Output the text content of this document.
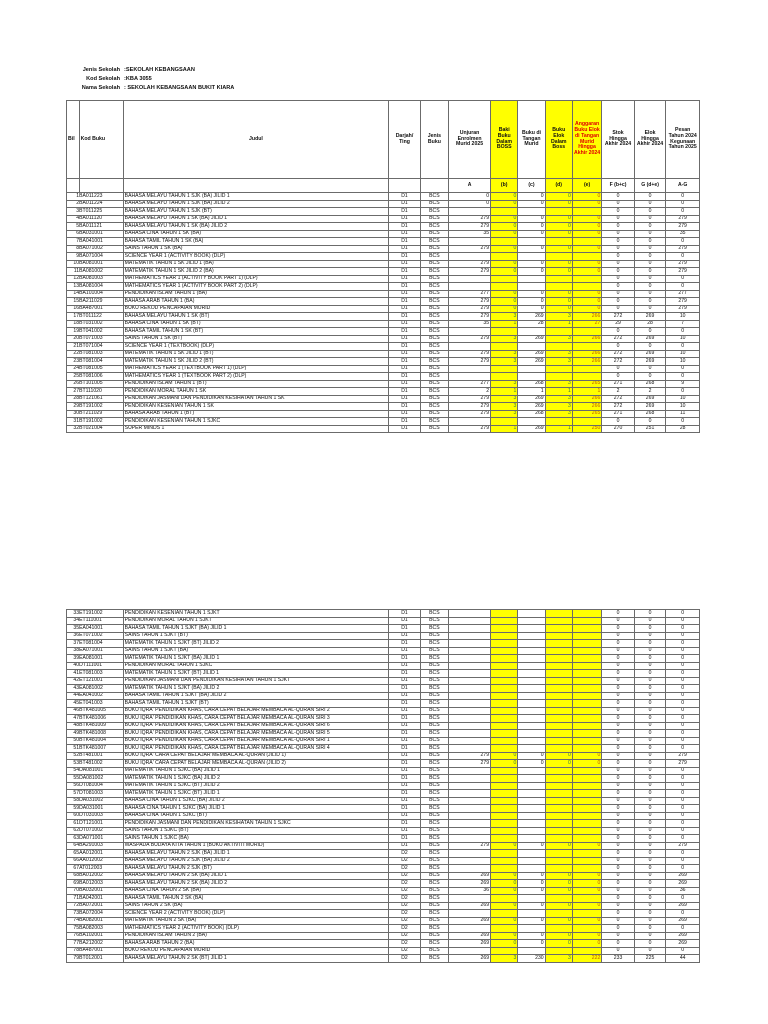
Jenis Sekolah :SEKOLAH KEBANGSAAN
Kod Sekolah :KBA 3055
Nama Sekolah : SEKOLAH KEBANGSAAN BUKIT KIARA
Bil	Kod Buku	Judul	Darjah/ Ting	Jenis Buku	Unjuran Enrolmen Murid 2025	Baki Buku Dalam BOSS	Buku di Tangan Murid	Buku Elok Dalam Boss	Anggaran Buku Elok di Tangan Murid Hingga Akhir 2024	Stok Hingga Akhir 2024	Elok Hingga Akhir 2024	Pesan Tahun 2024 Kegunaan Tahun 2025
					A	(b)	(c)	(d)	(e)	F (b+c)	G (d+e)	A-G
1	BA011223	BAHASA MELAYU TAHUN 1 SJK (BA) JILID 1	D1	BCS	0	0	0	0	0	0	0	0
2	BA011224	BAHASA MELAYU TAHUN 1 SJK (BA) JILID 2	D1	BCS	0	0	0	0	0	0	0	0
3	BT011225	BAHASA MELAYU TAHUN 1 SJK (BT)	D1	BCS						0	0	0
4	BA011120	BAHASA MELAYU TAHUN 1 SK (BA) JILID 1	D1	BCS	279	0	0	0	0	0	0	279
5	BA011121	BAHASA MELAYU TAHUN 1 SK (BA) JILID 2	D1	BCS	279	0	0	0	0	0	0	279
6	BA031001	BAHASA CINA TAHUN 1 SK (BA)	D1	BCS	35	0	0	0	0	0	0	35
7	BA041001	BAHASA TAMIL TAHUN 1 SK (BA)	D1	BCS						0	0	0
8	BA071002	SAINS TAHUN 1 SK (BA)	D1	BCS	279	0	0	0	0	0	0	279
9	BA071004	SCIENCE YEAR 1 (ACTIVITY BOOK) (DLP)	D1	BCS						0	0	0
10	BA081001	MATEMATIK TAHUN 1 SK JILID 1 (BA)	D1	BCS	279	0	0	0	0	0	0	279
11	BA081002	MATEMATIK TAHUN 1 SK JILID 2 (BA)	D1	BCS	279	0	0	0	0	0	0	279
12	BA081003	MATHEMATICS YEAR 1 (ACTIVITY BOOK PART 1) (DLP)	D1	BCS						0	0	0
13	BA081004	MATHEMATICS YEAR 1 (ACTIVITY BOOK PART 2) (DLP)	D1	BCS						0	0	0
14	BA101004	PENDIDIKAN ISLAM TAHUN 1 (BA)	D1	BCS	277	0	0	0	0	0	0	277
15	BA211029	BAHASA ARAB TAHUN 1 (BA)	D1	BCS	279	0	0	0	0	0	0	279
16	BA487001	BUKU REKOD PENCAPAIAN MURID	D1	BCS	279	0	0	0	0	0	0	279
17	BT011122	BAHASA MELAYU TAHUN 1 SK (BT)	D1	BCS	279	3	269	3	266	272	269	10
18	BT031002	BAHASA CINA TAHUN 1 SK (BT)	D1	BCS	35	1	28	1	27	29	28	7
19	BT041002	BAHASA TAMIL TAHUN 1 SK (BT)	D1	BCS						0	0	0
20	BT071003	SAINS TAHUN 1 SK (BT)	D1	BCS	279	3	269	3	266	272	269	10
21	BT071004	SCIENCE YEAR 1 (TEXTBOOK) (DLP)	D1	BCS						0	0	0
22	BT081003	MATEMATIK TAHUN 1 SK JILID 1 (BT)	D1	BCS	279	3	269	3	266	272	269	10
23	BT081004	MATEMATIK TAHUN 1 SK JILID 2 (BT)	D1	BCS	279	3	269	3	266	272	269	10
24	BT081005	MATHEMATICS YEAR 1 (TEXTBOOK PART 1) (DLP)	D1	BCS						0	0	0
25	BT081006	MATHEMATICS YEAR 1 (TEXTBOOK PART 2) (DLP)	D1	BCS						0	0	0
26	BT101005	PENDIDIKAN ISLAM TAHUN 1 (BT)	D1	BCS	277	3	268	3	265	271	268	9
27	BT111020	PENDIDIKAN MORAL TAHUN 1 SK	D1	BCS	2	1	1	1	1	2	2	0
28	BT121061	PENDIDIKAN JASMANI DAN PENDIDIKAN KESIHATAN TAHUN 1 SK	D1	BCS	279	3	269	3	266	272	269	10
29	BT191002	PENDIDIKAN KESENIAN TAHUN 1 SK	D1	BCS	279	3	269	3	266	272	269	10
30	BT211029	BAHASA ARAB TAHUN 1 (BT)	D1	BCS	279	3	268	3	265	271	268	11
31	BT191002	PENDIDIKAN KESENIAN TAHUN 1 SJKC	D1	BCS						0	0	0
32	BT021004	SUPER MINDS 1	D1	BCS	279	1	269	1	250	270	251	28
33	ET191002	PENDIDIKAN KESENIAN TAHUN 1 SJKT	D1	BCS						0	0	0
34	ET111001	PENDIDIKAN MORAL TAHUN 1 SJKT	D1	BCS						0	0	0
35	EA041001	BAHASA TAMIL TAHUN 1 SJKT (BA) JILID 1	D1	BCS						0	0	0
36	ET071002	SAINS TAHUN 1 SJKT (BT)	D1	BCS						0	0	0
37	ET081004	MATEMATIK TAHUN 1 SJKT (BT) JILID 2	D1	BCS						0	0	0
38	EA071001	SAINS TAHUN 1 SJKT (BA)	D1	BCS						0	0	0
39	EA081001	MATEMATIK TAHUN 1 SJKT (BA) JILID 1	D1	BCS						0	0	0
40	DT111001	PENDIDIKAN MORAL TAHUN 1 SJKC	D1	BCS						0	0	0
41	ET081003	MATEMATIK TAHUN 1 SJKT (BT) JILID 1	D1	BCS						0	0	0
42	ET121001	PENDIDIKAN JASMANI DAN PENDIDIKAN KESIHATAN TAHUN 1 SJKT	D1	BCS						0	0	0
43	EA081002	MATEMATIK TAHUN 1 SJKT (BA) JILID 2	D1	BCS						0	0	0
44	EA041002	BAHASA TAMIL TAHUN 1 SJKT (BA) JILID 2	D1	BCS						0	0	0
45	ET041003	BAHASA TAMIL TAHUN 1 SJKT (BT)	D1	BCS						0	0	0
46	BTK481005	BUKU IQRA' PENDIDIKAN KHAS, CARA CEPAT BELAJAR MEMBACA AL-QURAN SIRI 2	D1	BCS						0	0	0
47	BTK481006	BUKU IQRA' PENDIDIKAN KHAS, CARA CEPAT BELAJAR MEMBACA AL-QURAN SIRI 3	D1	BCS						0	0	0
48	BTK481009	BUKU IQRA' PENDIDIKAN KHAS, CARA CEPAT BELAJAR MEMBACA AL-QURAN SIRI 6	D1	BCS						0	0	0
49	BTK481008	BUKU IQRA' PENDIDIKAN KHAS, CARA CEPAT BELAJAR MEMBACA AL-QURAN SIRI 5	D1	BCS						0	0	0
50	BTK481004	BUKU IQRA' PENDIDIKAN KHAS, CARA CEPAT BELAJAR MEMBACA AL-QURAN SIRI 1	D1	BCS						0	0	0
51	BTK481007	BUKU IQRA' PENDIDIKAN KHAS, CARA CEPAT BELAJAR MEMBACA AL-QURAN SIRI 4	D1	BCS						0	0	0
52	BT481001	BUKU IQRA' CARA CEPAT BELAJAR MEMBACA AL-QURAN (JILID 1)	D1	BCS	279	0	0	0	0	0	0	279
53	BT481002	BUKU IQRA' CARA CEPAT BELAJAR MEMBACA AL-QURAN (JILID 2)	D1	BCS	279	0	0	0	0	0	0	279
54	DA081001	MATEMATIK TAHUN 1 SJKC (BA) JILID 1	D1	BCS						0	0	0
55	DA081002	MATEMATIK TAHUN 1 SJKC (BA) JILID 2	D1	BCS						0	0	0
56	DT081004	MATEMATIK TAHUN 1 SJKC (BT) JILID 2	D1	BCS						0	0	0
57	DT081003	MATEMATIK TAHUN 1 SJKC (BT) JILID 1	D1	BCS						0	0	0
58	DA031002	BAHASA CINA TAHUN 1 SJKC (BA) JILID 2	D1	BCS						0	0	0
59	DA031001	BAHASA CINA TAHUN 1 SJKC (BA) JILID 1	D1	BCS						0	0	0
60	DT031003	BAHASA CINA TAHUN 1 SJKC (BT)	D1	BCS						0	0	0
61	DT121001	PENDIDIKAN JASMANI DAN PENDIDIKAN KESIHATAN TAHUN 1 SJKC	D1	BCS						0	0	0
62	DT071002	SAINS TAHUN 1 SJKC (BT)	D1	BCS						0	0	0
63	DA071001	SAINS TAHUN 1 SJKC (BA)	D1	BCS						0	0	0
64	BA291003	WASPADA BUDAYA KITA TAHUN 1 (BUKU AKTIVITI MURID)	D1	BCS	279	0	0	0	0	0	0	279
65	AA012001	BAHASA MELAYU TAHUN 2 SJK (BA) JILID 1	D2	BCS						0	0	0
66	AA012002	BAHASA MELAYU TAHUN 2 SJK (BA) JILID 2	D2	BCS						0	0	0
67	AT012003	BAHASA MELAYU TAHUN 2 SJK (BT)	D2	BCS						0	0	0
68	BA012002	BAHASA MELAYU TAHUN 2 SK (BA) JILID 1	D2	BCS	269	0	0	0	0	0	0	269
69	BA012003	BAHASA MELAYU TAHUN 2 SK (BA) JILID 2	D2	BCS	269	0	0	0	0	0	0	269
70	BA032001	BAHASA CINA TAHUN 2 SK (BA)	D2	BCS	36	0	0	0	0	0	0	36
71	BA042001	BAHASA TAMIL TAHUN 2 SK (BA)	D2	BCS						0	0	0
72	BA072001	SAINS TAHUN 2 SK (BA)	D2	BCS	269	0	0	0	0	0	0	269
73	BA072004	SCIENCE YEAR 2 (ACTIVITY BOOK) (DLP)	D2	BCS						0	0	0
74	BA082001	MATEMATIK TAHUN 2 SK (BA)	D2	BCS	269	0	0	0	0	0	0	269
75	BA082003	MATHEMATICS YEAR 2 (ACTIVITY BOOK) (DLP)	D2	BCS						0	0	0
76	BA102001	PENDIDIKAN ISLAM TAHUN 2 (BA)	D2	BCS	269	0	0	0	0	0	0	269
77	BA212002	BAHASA ARAB TAHUN 2 (BA)	D2	BCS	269	0	0	0	0	0	0	269
78	BA487001	BUKU REKOD PENCAPAIAN MURID	D2	BCS						0	0	0
79	BT012001	BAHASA MELAYU TAHUN 2 SK (BT) JILID 1	D2	BCS	269	3	230	3	222	233	225	44
